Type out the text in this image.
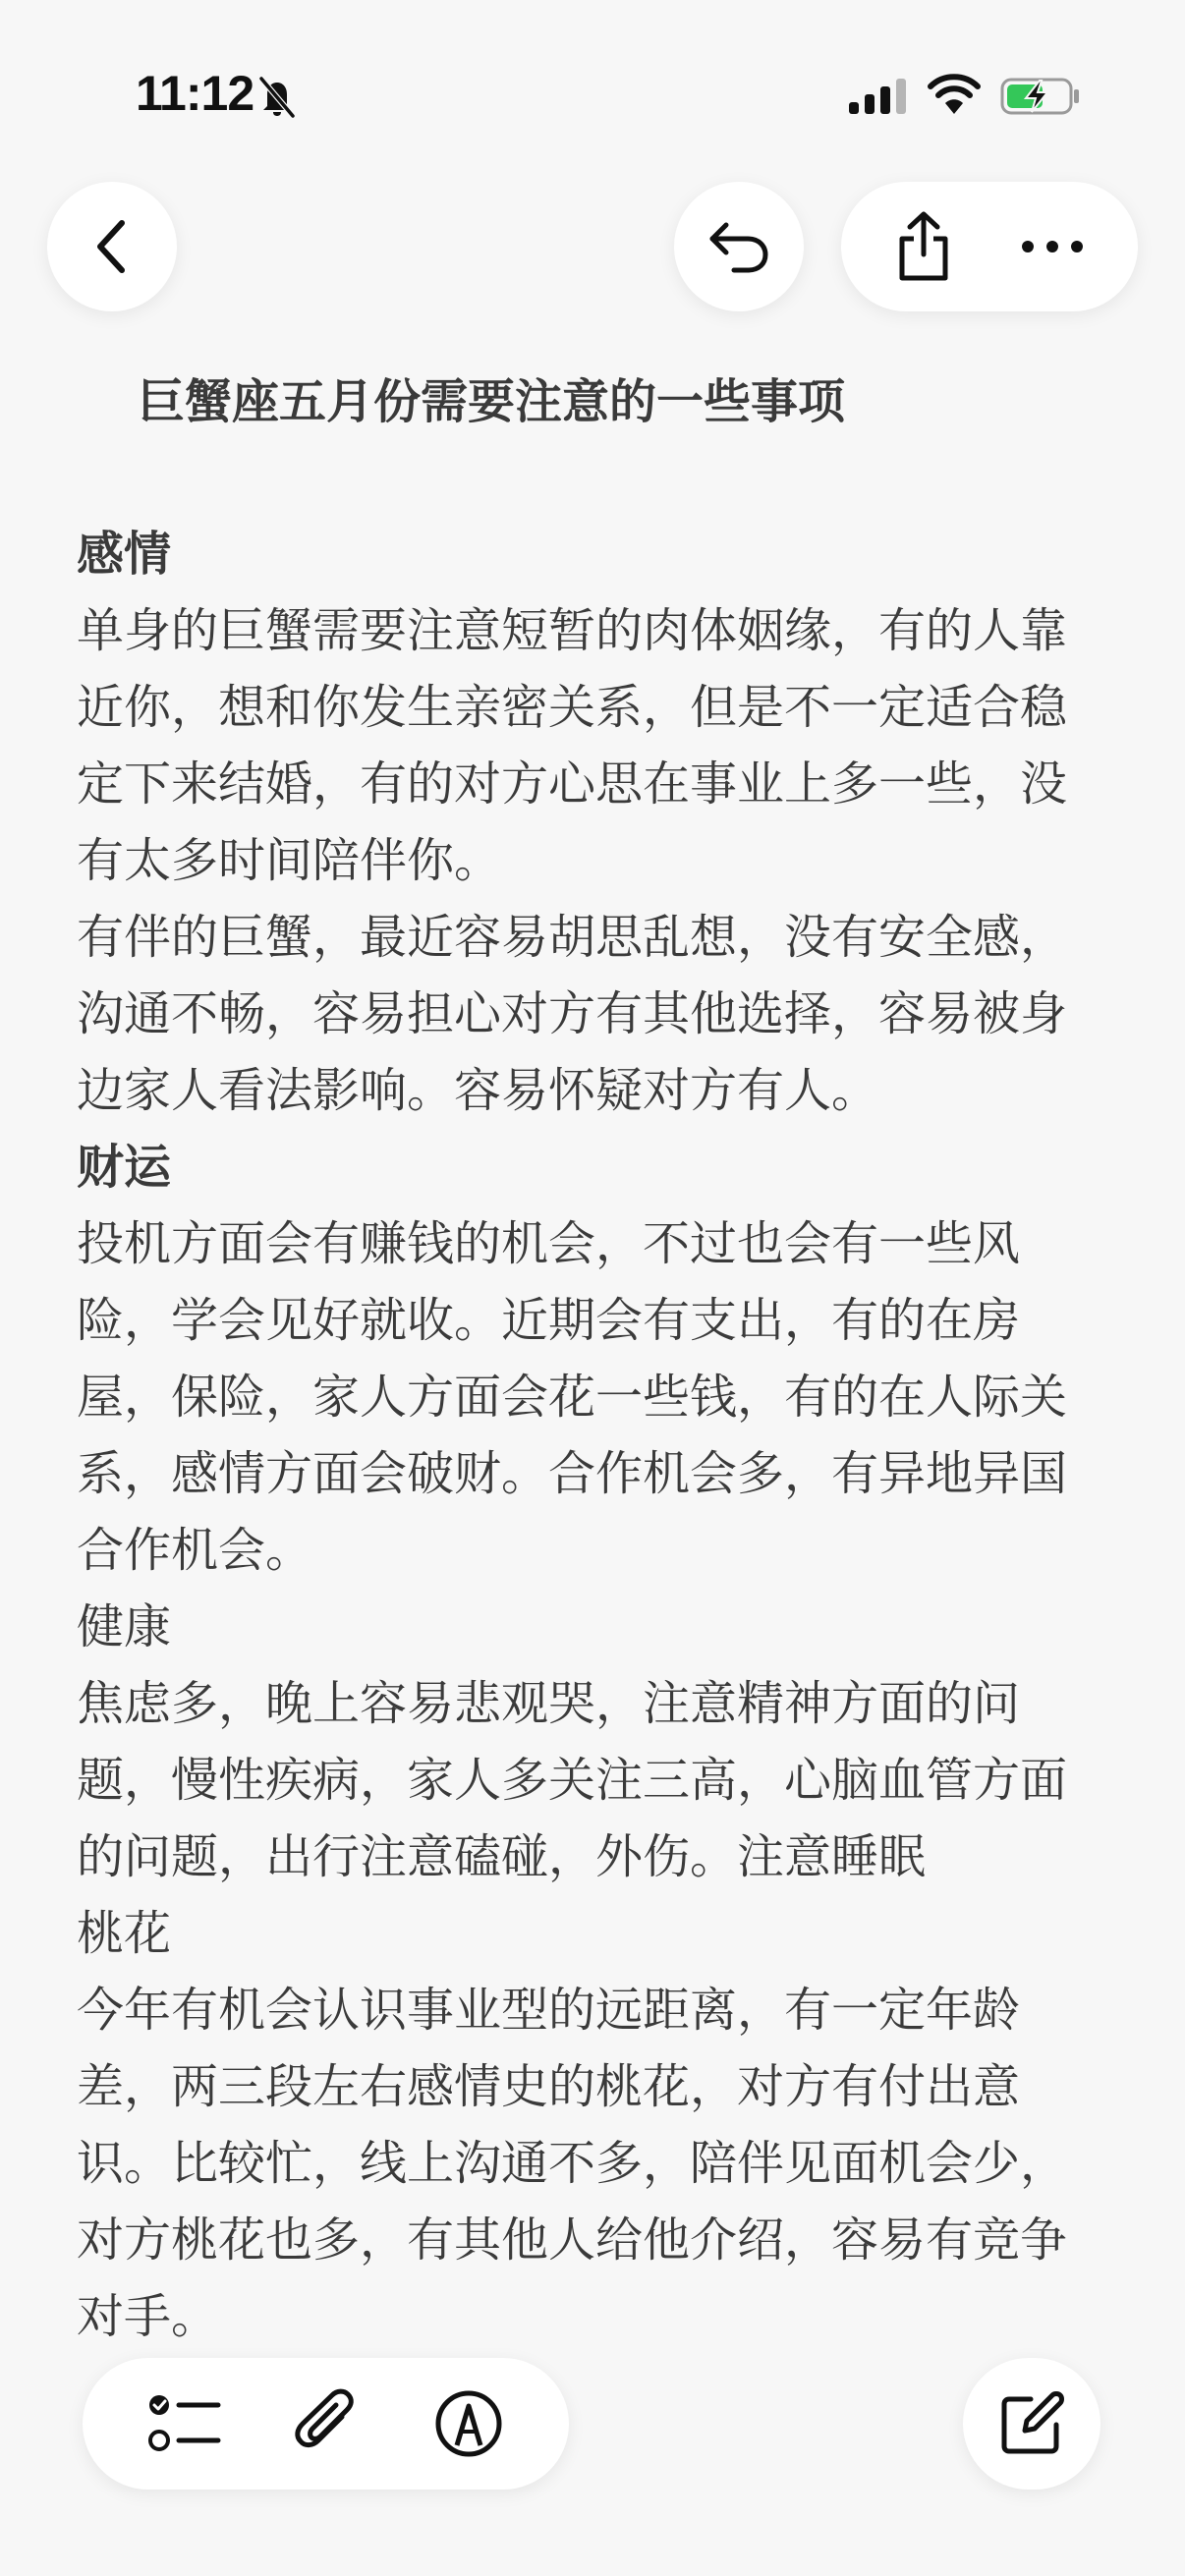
11:12
巨蟹座五月份需要注意的一些事项

感情

单身的巨蟹需要注意短暂的肉体姻缘，有的人靠近你，想和你发生亲密关系，但是不一定适合稳定下来结婚，有的对方心思在事业上多一些，没有太多时间陪伴你。

有伴的巨蟹，最近容易胡思乱想，没有安全感，沟通不畅，容易担心对方有其他选择，容易被身边家人看法影响。容易怀疑对方有人。

财运

投机方面会有赚钱的机会，不过也会有一些风险，学会见好就收。近期会有支出，有的在房屋，保险，家人方面会花一些钱，有的在人际关系，感情方面会破财。合作机会多，有异地异国合作机会。

健康

焦虑多，晚上容易悲观哭，注意精神方面的问题，慢性疾病，家人多关注三高，心脑血管方面的问题，出行注意磕碰，外伤。注意睡眠

桃花

今年有机会认识事业型的远距离，有一定年龄差，两三段左右感情史的桃花，对方有付出意识。比较忙，线上沟通不多，陪伴见面机会少，对方桃花也多，有其他人给他介绍，容易有竞争对手。
